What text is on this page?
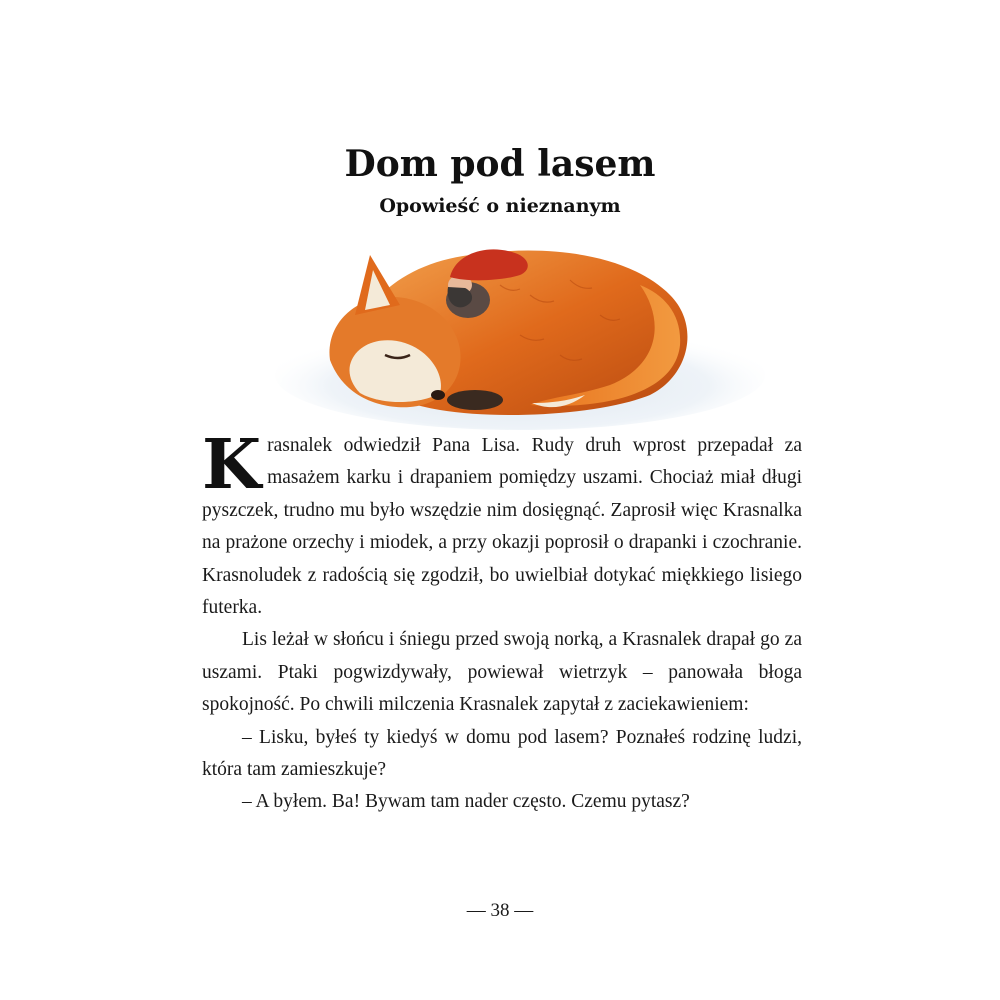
Dom pod lasem
Opowieść o nieznanym

Krasnalek odwiedził Pana Lisa. Rudy druh wprost przepadał za masażem karku i drapaniem pomiędzy uszami. Chociaż miał długi pyszczek, trudno mu było wszędzie nim dosięgnąć. Zaprosił więc Krasnalka na prażone orzechy i miodek, a przy okazji poprosił o drapanki i czochranie. Krasnoludek z radością się zgodził, bo uwielbiał dotykać miękkiego lisiego futerka.

Lis leżał w słońcu i śniegu przed swoją norką, a Krasnalek drapał go za uszami. Ptaki pogwizdywały, powiewał wietrzyk – panowała błoga spokojność. Po chwili milczenia Krasnalek zapytał z zaciekawieniem:

– Lisku, byłeś ty kiedyś w domu pod lasem? Poznałeś rodzinę ludzi, która tam zamieszkuje?

– A byłem. Ba! Bywam tam nader często. Czemu pytasz?

— 38 —
